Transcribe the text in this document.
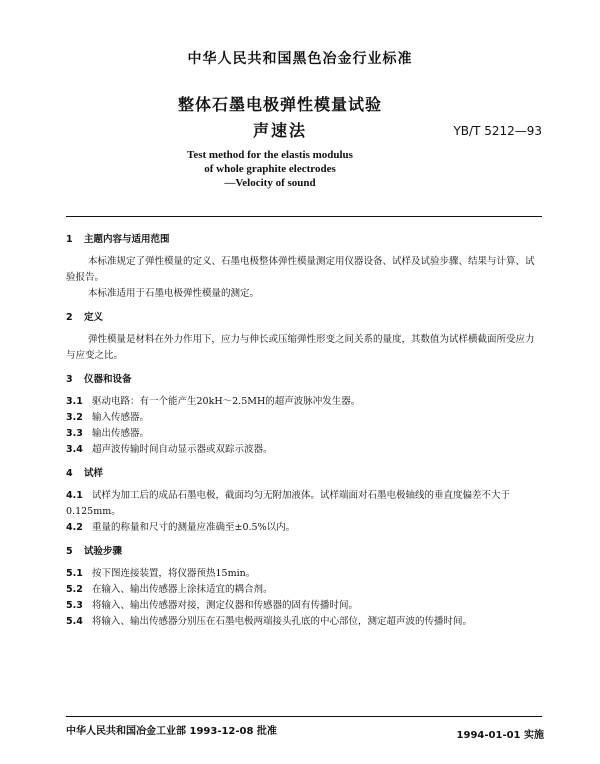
中华人民共和国黑色冶金行业标准
整体石墨电极弹性模量试验
声速法	YB/T 5212—93
Test method for the elastis modulus
of whole graphite electrodes
—Velocity of sound
1 主题内容与适用范围
本标准规定了弹性模量的定义、石墨电极整体弹性模量测定用仪器设备、试样及试验步骤、结果与计算、试验报告。
本标准适用于石墨电极弹性模量的测定。
2 定义
弹性模量是材料在外力作用下，应力与伸长或压缩弹性形变之间关系的量度，其数值为试样横截面所受应力与应变之比。
3 仪器和设备
3.1 驱动电路：有一个能产生20kH～2.5MH的超声波脉冲发生器。
3.2 输入传感器。
3.3 输出传感器。
3.4 超声波传输时间自动显示器或双踪示波器。
4 试样
4.1 试样为加工后的成品石墨电极，截面均匀无附加液体。试样端面对石墨电极轴线的垂直度偏差不大于0.125mm。
4.2 重量的称量和尺寸的测量应准确至±0.5%以内。
5 试验步骤
5.1 按下图连接装置，将仪器预热15min。
5.2 在输入、输出传感器上涂抹适宜的耦合剂。
5.3 将输入、输出传感器对接，测定仪器和传感器的固有传播时间。
5.4 将输入、输出传感器分别压在石墨电极两端接头孔底的中心部位，测定超声波的传播时间。
中华人民共和国冶金工业部 1993-12-08 批准	1994-01-01 实施
